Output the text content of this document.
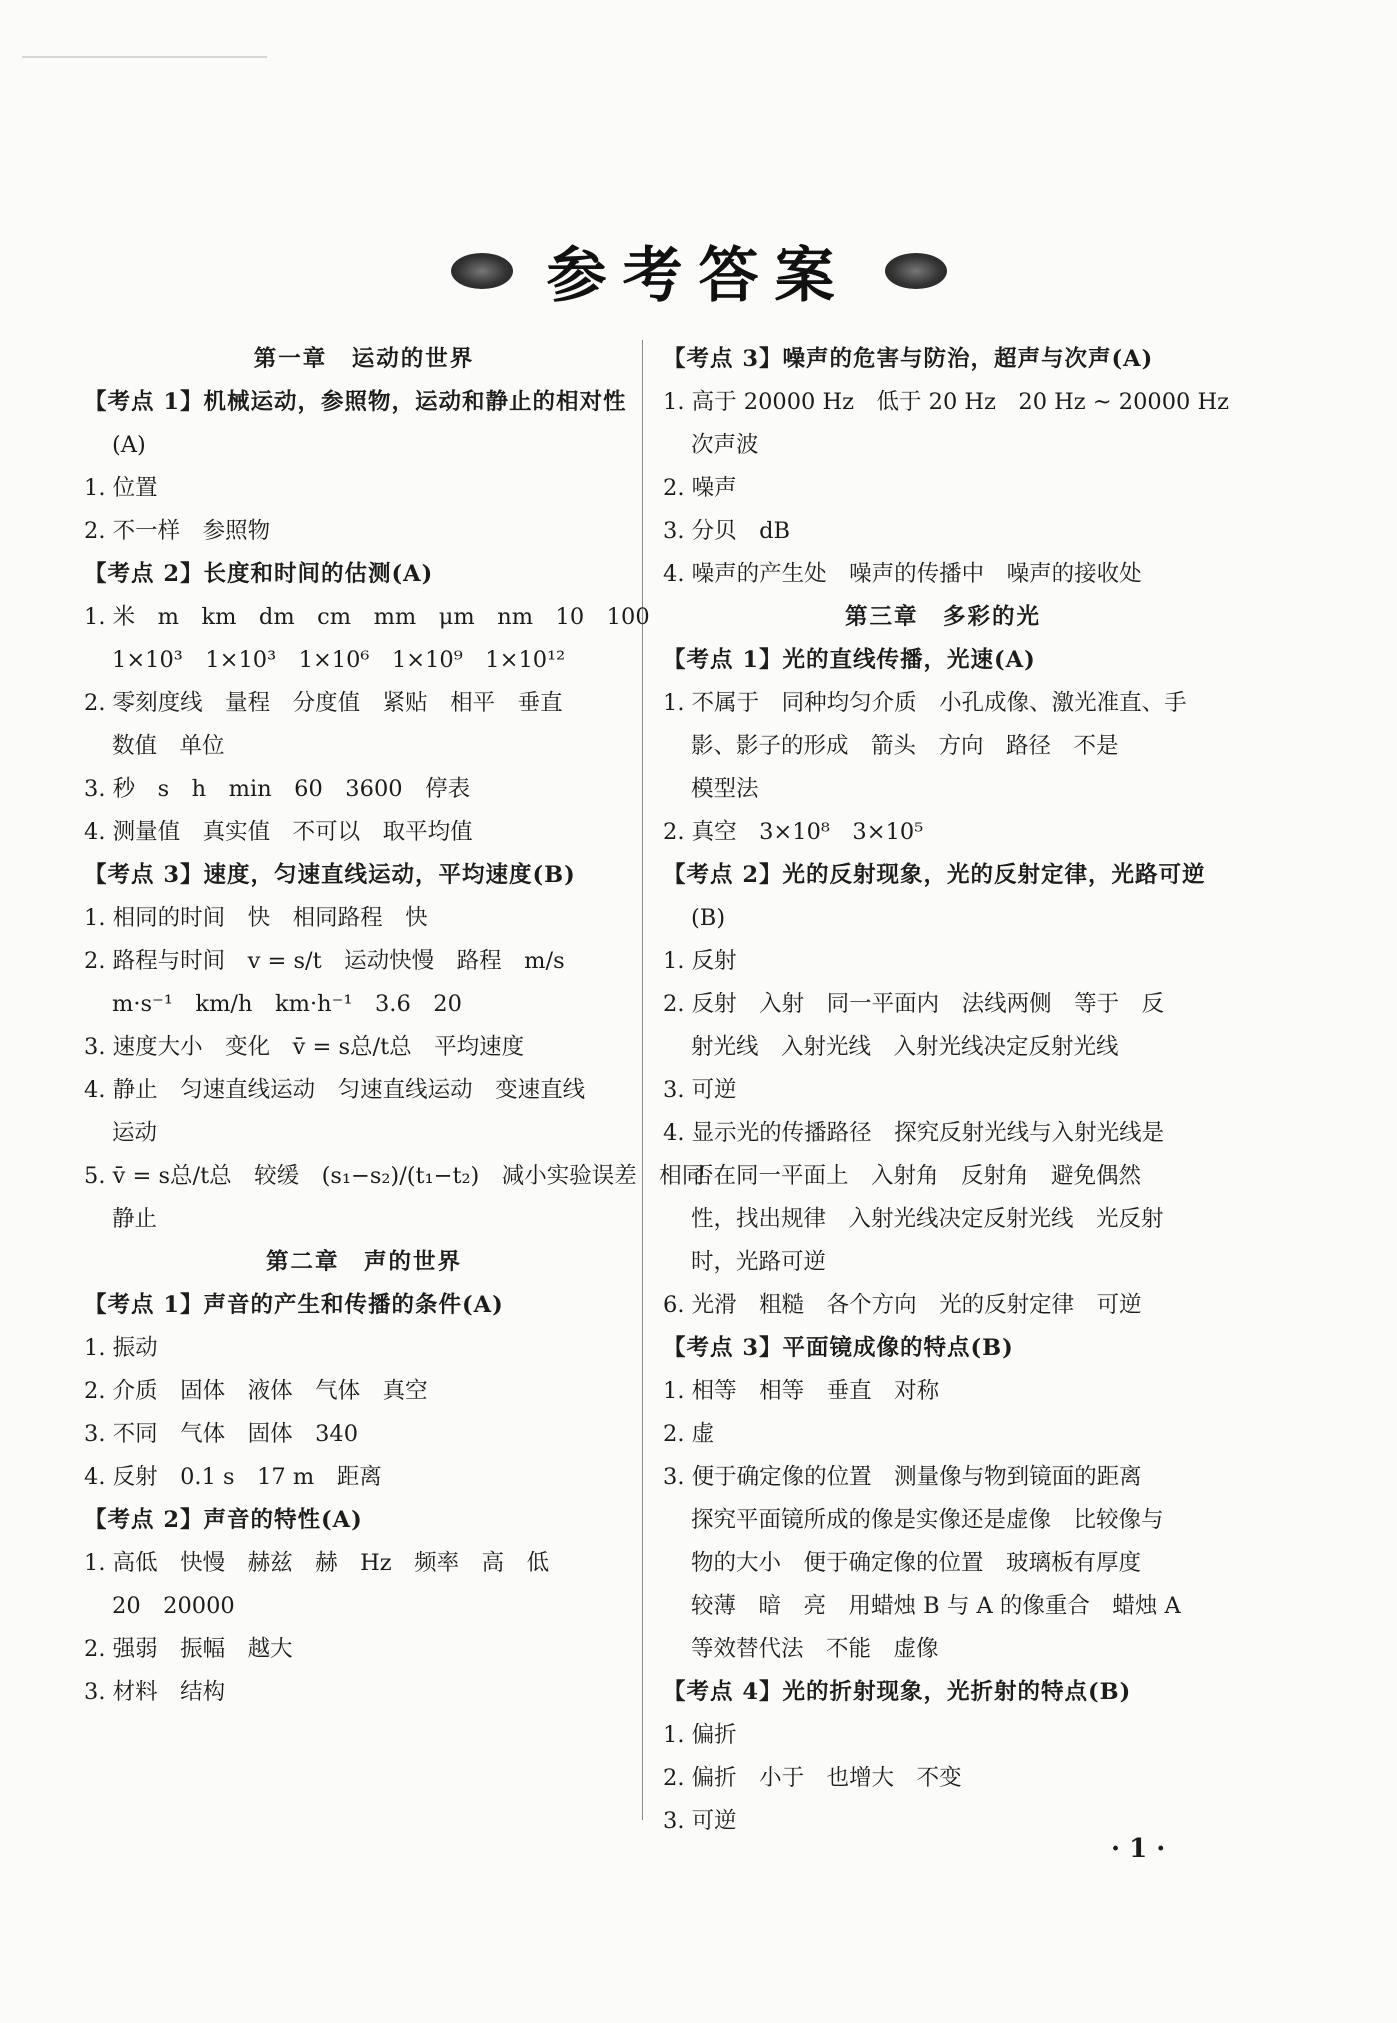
参考答案
第一章　运动的世界
【考点 1】机械运动，参照物，运动和静止的相对性
(A)
1. 位置
2. 不一样　参照物
【考点 2】长度和时间的估测(A)
1. 米　m　km　dm　cm　mm　μm　nm　10　100
1×10³　1×10³　1×10⁶　1×10⁹　1×10¹²
2. 零刻度线　量程　分度值　紧贴　相平　垂直
数值　单位
3. 秒　s　h　min　60　3600　停表
4. 测量值　真实值　不可以　取平均值
【考点 3】速度，匀速直线运动，平均速度(B)
1. 相同的时间　快　相同路程　快
2. 路程与时间　v = s/t　运动快慢　路程　m/s
m·s⁻¹　km/h　km·h⁻¹　3.6　20
3. 速度大小　变化　v̄ = s总/t总　平均速度
4. 静止　匀速直线运动　匀速直线运动　变速直线
运动
5. v̄ = s总/t总　较缓　(s₁−s₂)/(t₁−t₂)　减小实验误差　相同
静止
第二章　声的世界
【考点 1】声音的产生和传播的条件(A)
1. 振动
2. 介质　固体　液体　气体　真空
3. 不同　气体　固体　340
4. 反射　0.1 s　17 m　距离
【考点 2】声音的特性(A)
1. 高低　快慢　赫兹　赫　Hz　频率　高　低
20　20000
2. 强弱　振幅　越大
3. 材料　结构
【考点 3】噪声的危害与防治，超声与次声(A)
1. 高于 20000 Hz　低于 20 Hz　20 Hz ~ 20000 Hz
次声波
2. 噪声
3. 分贝　dB
4. 噪声的产生处　噪声的传播中　噪声的接收处
第三章　多彩的光
【考点 1】光的直线传播，光速(A)
1. 不属于　同种均匀介质　小孔成像、激光准直、手
影、影子的形成　箭头　方向　路径　不是
模型法
2. 真空　3×10⁸　3×10⁵
【考点 2】光的反射现象，光的反射定律，光路可逆
(B)
1. 反射
2. 反射　入射　同一平面内　法线两侧　等于　反
射光线　入射光线　入射光线决定反射光线
3. 可逆
4. 显示光的传播路径　探究反射光线与入射光线是
否在同一平面上　入射角　反射角　避免偶然
性，找出规律　入射光线决定反射光线　光反射
时，光路可逆
6. 光滑　粗糙　各个方向　光的反射定律　可逆
【考点 3】平面镜成像的特点(B)
1. 相等　相等　垂直　对称
2. 虚
3. 便于确定像的位置　测量像与物到镜面的距离
探究平面镜所成的像是实像还是虚像　比较像与
物的大小　便于确定像的位置　玻璃板有厚度
较薄　暗　亮　用蜡烛 B 与 A 的像重合　蜡烛 A
等效替代法　不能　虚像
【考点 4】光的折射现象，光折射的特点(B)
1. 偏折
2. 偏折　小于　也增大　不变
3. 可逆
· 1 ·
